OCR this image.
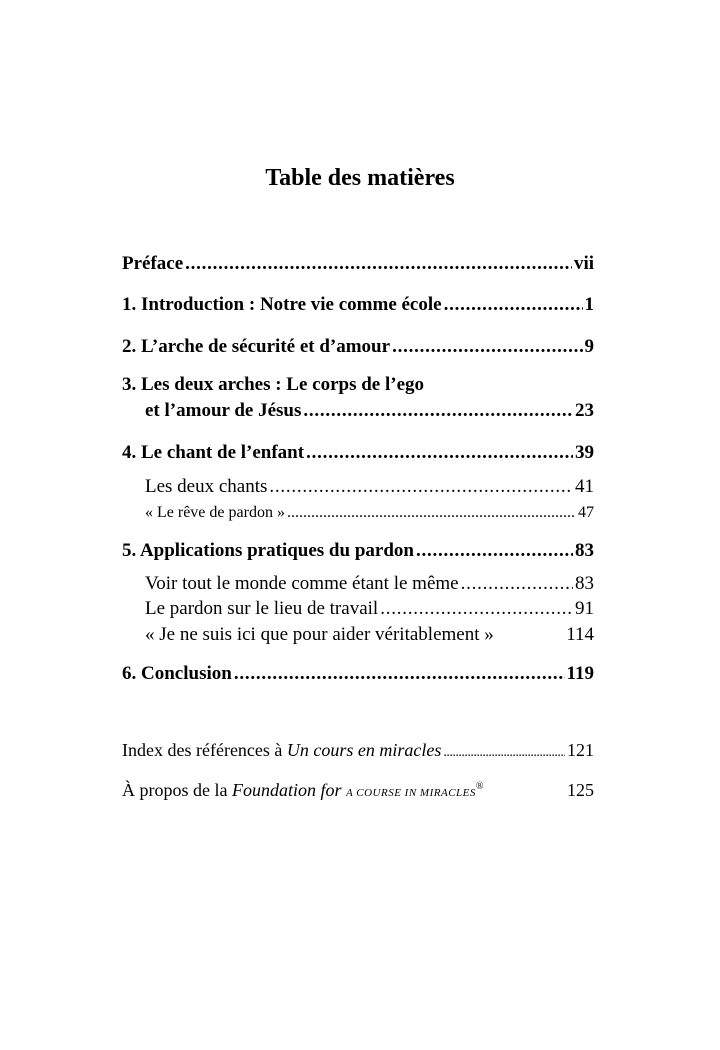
Table des matières
Préface . . .	vii
1. Introduction : Notre vie comme école . . .	1
2. L’arche de sécurité et d’amour . . .	9
3. Les deux arches : Le corps de l’ego
et l’amour de Jésus . . .	23
4. Le chant de l’enfant . . .	39
Les deux chants . . .	41
« Le rêve de pardon » . . .	47
5. Applications pratiques du pardon . . .	83
Voir tout le monde comme étant le même . . .	83
Le pardon sur le lieu de travail . . .	91
« Je ne suis ici que pour aider véritablement »	114
6. Conclusion . . .	119
Index des références à Un cours en miracles . . .	121
À propos de la Foundation for A COURSE IN MIRACLES®	125
